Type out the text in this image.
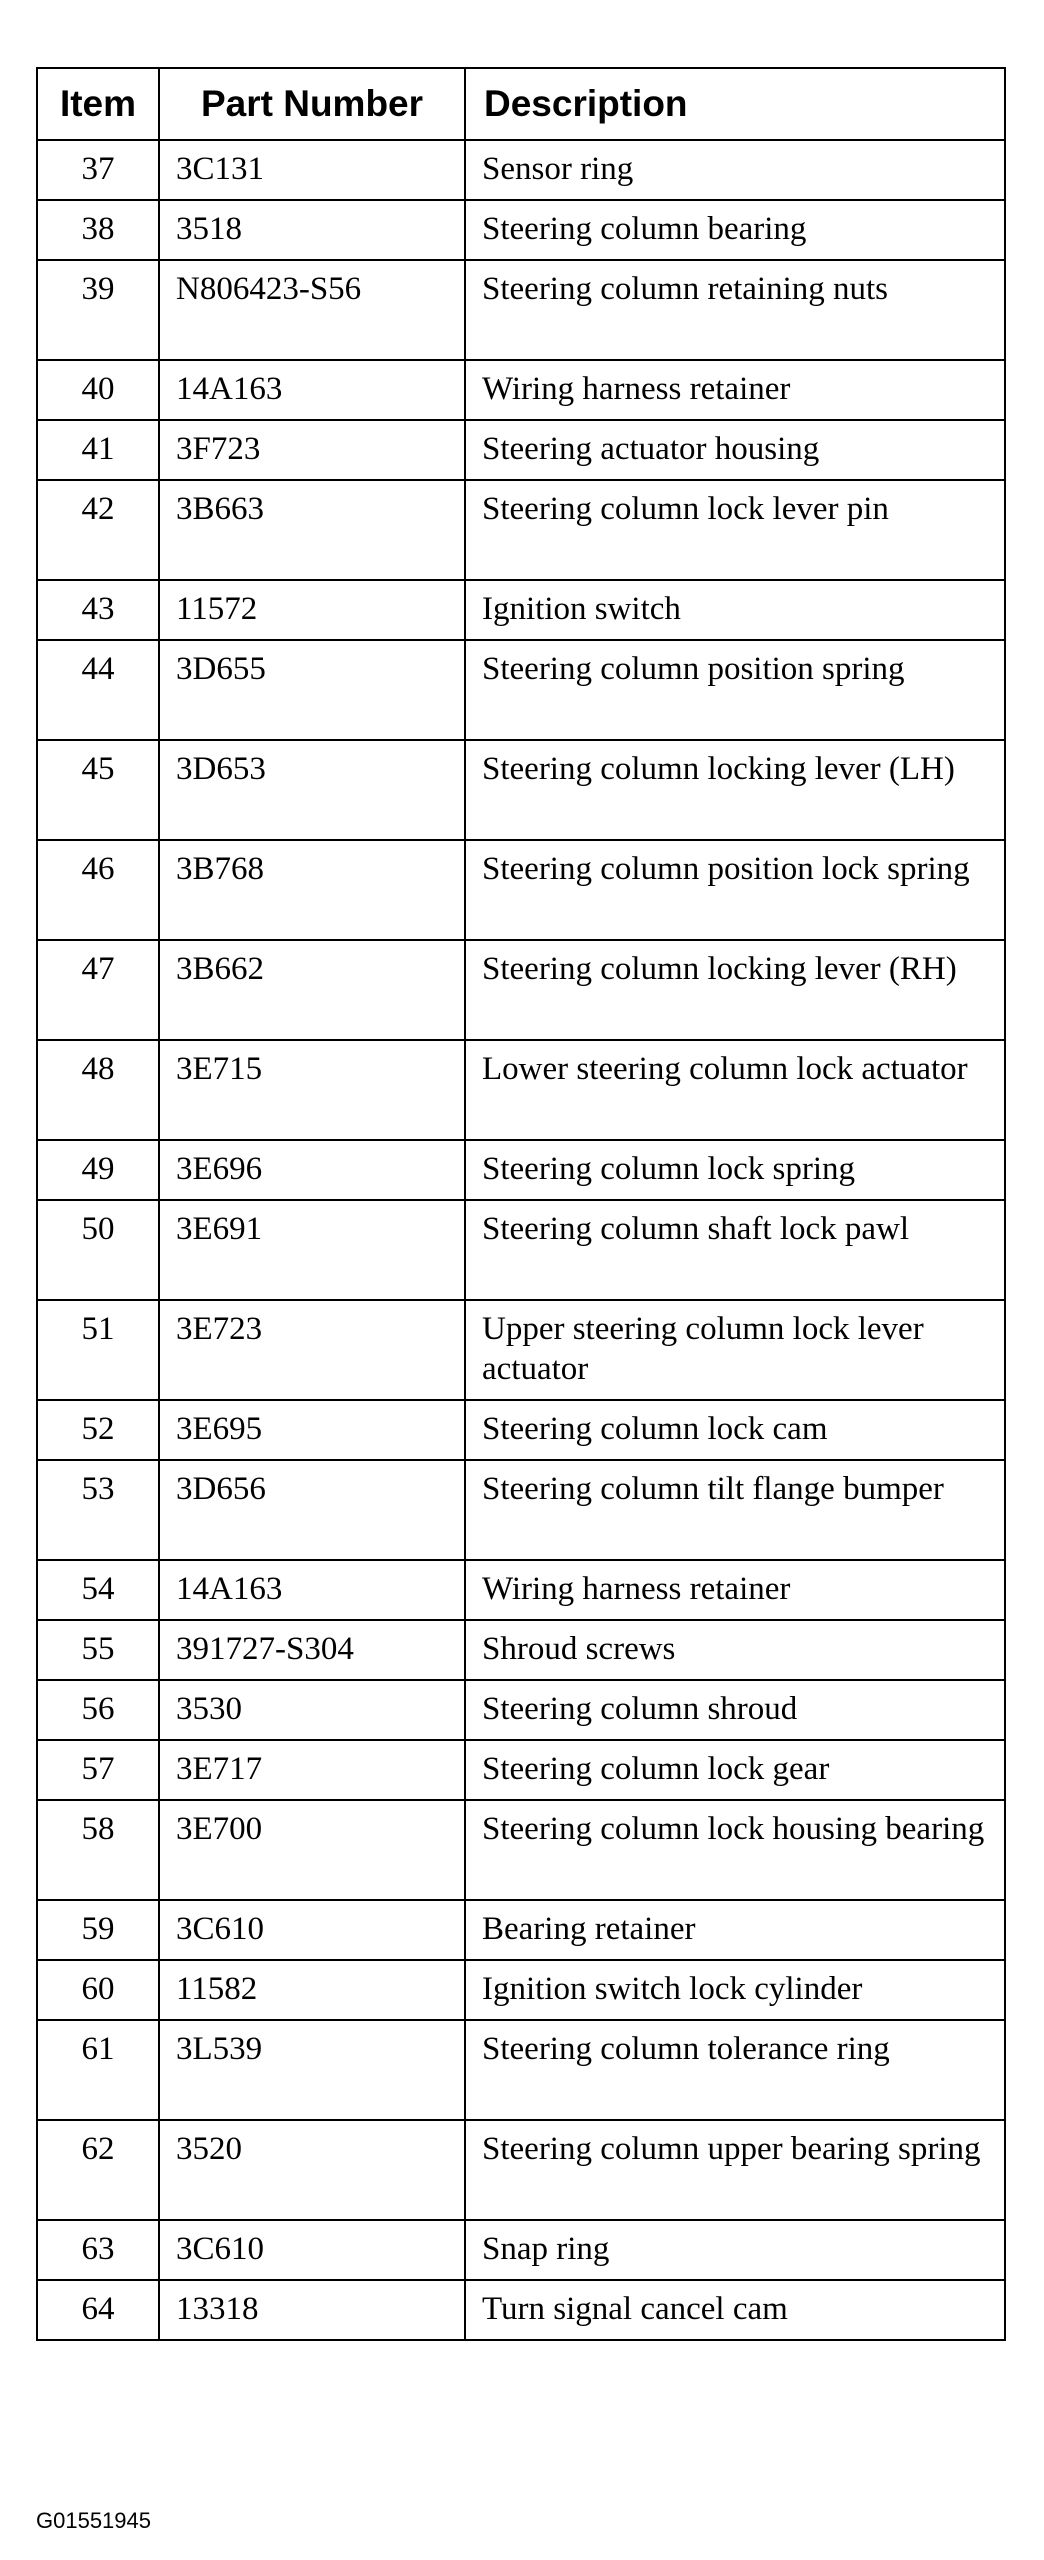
Item	Part Number	Description
37	3C131	Sensor ring
38	3518	Steering column bearing
39	N806423-S56	Steering column retaining nuts
40	14A163	Wiring harness retainer
41	3F723	Steering actuator housing
42	3B663	Steering column lock lever pin
43	11572	Ignition switch
44	3D655	Steering column position spring
45	3D653	Steering column locking lever (LH)
46	3B768	Steering column position lock spring
47	3B662	Steering column locking lever (RH)
48	3E715	Lower steering column lock actuator
49	3E696	Steering column lock spring
50	3E691	Steering column shaft lock pawl
51	3E723	Upper steering column lock lever actuator
52	3E695	Steering column lock cam
53	3D656	Steering column tilt flange bumper
54	14A163	Wiring harness retainer
55	391727-S304	Shroud screws
56	3530	Steering column shroud
57	3E717	Steering column lock gear
58	3E700	Steering column lock housing bearing
59	3C610	Bearing retainer
60	11582	Ignition switch lock cylinder
61	3L539	Steering column tolerance ring
62	3520	Steering column upper bearing spring
63	3C610	Snap ring
64	13318	Turn signal cancel cam
G01551945
